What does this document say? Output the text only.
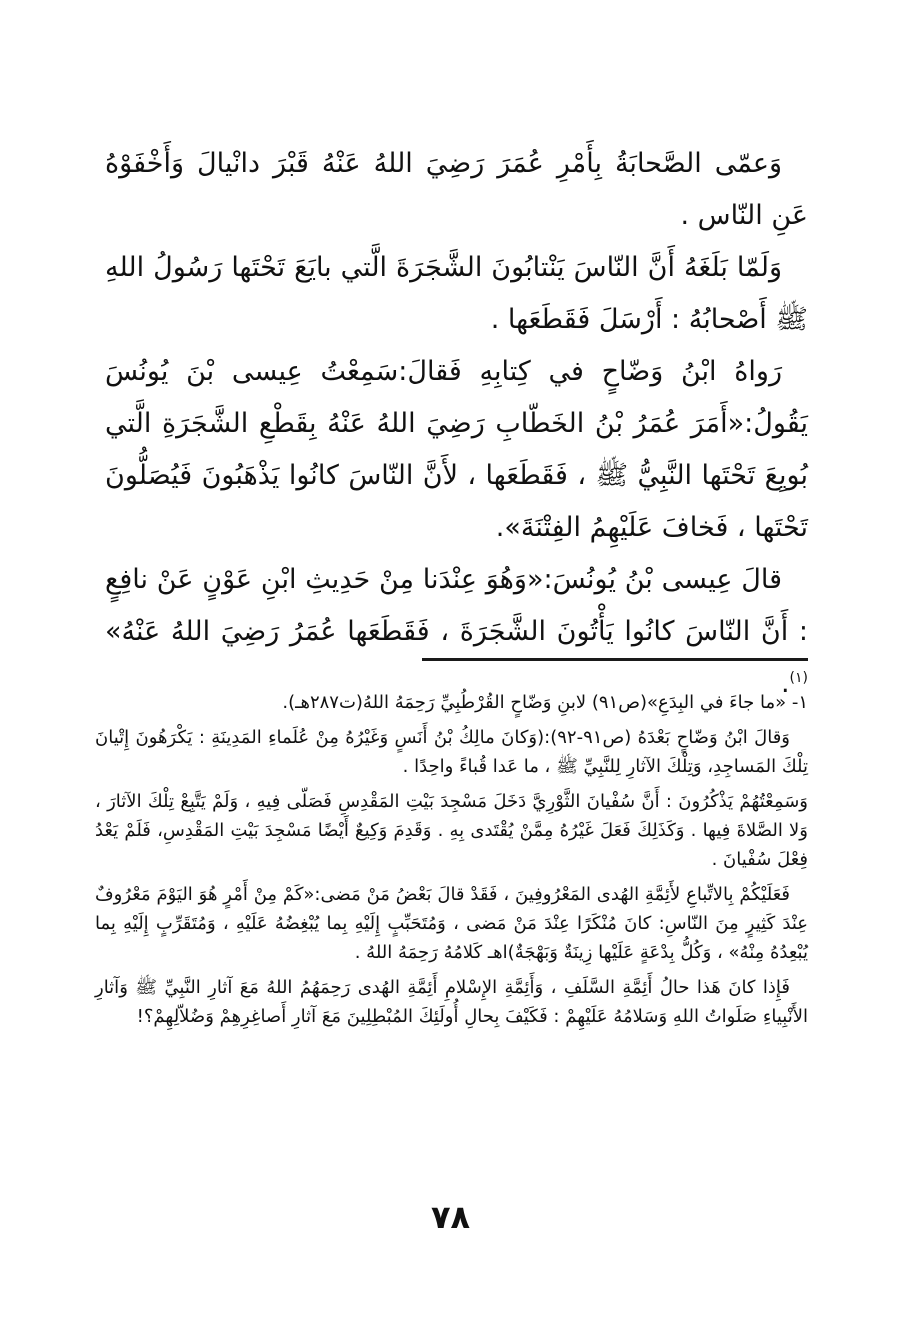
وَعمّى الصَّحابَةُ بِأَمْرِ عُمَرَ رَضِيَ اللهُ عَنْهُ قَبْرَ دانْيالَ وَأَخْفَوْهُ عَنِ النّاس .

وَلَمّا بَلَغَهُ أَنَّ النّاسَ يَنْتابُونَ الشَّجَرَةَ الَّتي بايَعَ تَحْتَها رَسُولُ اللهِ ﷺ أَصْحابُهُ : أَرْسَلَ فَقَطَعَها .

رَواهُ ابْنُ وَضّاحٍ في كِتابِهِ فَقالَ:سَمِعْتُ عِيسى بْنَ يُونُسَ يَقُولُ:«أَمَرَ عُمَرُ بْنُ الخَطّابِ رَضِيَ اللهُ عَنْهُ بِقَطْعِ الشَّجَرَةِ الَّتي بُويِعَ تَحْتَها النَّبِيُّ ﷺ ، فَقَطَعَها ، لأَنَّ النّاسَ كانُوا يَذْهَبُونَ فَيُصَلُّونَ تَحْتَها ، فَخافَ عَلَيْهِمُ الفِتْنَةَ».

قالَ عِيسى بْنُ يُونُسَ:«وَهُوَ عِنْدَنا مِنْ حَدِيثِ ابْنِ عَوْنٍ عَنْ نافِعٍ : أَنَّ النّاسَ كانُوا يَأْتُونَ الشَّجَرَةَ ، فَقَطَعَها عُمَرُ رَضِيَ اللهُ عَنْهُ» $^{(١)}$.

١- «ما جاءَ في البِدَعِ»(ص٩١) لابنِ وَضّاحٍ القُرْطُبِيِّ رَحِمَهُ اللهُ(ت٢٨٧هـ).

وَقالَ ابْنُ وَضّاحٍ بَعْدَهُ (ص٩١-٩٢):(وَكانَ مالِكُ بْنُ أَنَسٍ وَغَيْرُهُ مِنْ عُلَماءِ المَدِينَةِ : يَكْرَهُونَ إِتْيانَ تِلْكَ المَساجِدِ، وَتِلْكَ الآثارِ لِلنَّبِيِّ ﷺ ، ما عَدا قُباءً واحِدًا .

وَسَمِعْتُهُمْ يَذْكُرُونَ : أَنَّ سُفْيانَ الثَّوْرِيَّ دَخَلَ مَسْجِدَ بَيْتِ المَقْدِسِ فَصَلّى فِيهِ ، وَلَمْ يَتَّبِعْ تِلْكَ الآثارَ ، وَلا الصَّلاةَ فِيها . وَكَذَلِكَ فَعَلَ غَيْرُهُ مِمَّنْ يُقْتَدى بِهِ . وَقَدِمَ وَكِيعٌ أَيْضًا مَسْجِدَ بَيْتِ المَقْدِسِ، فَلَمْ يَعْدُ فِعْلَ سُفْيانَ .

فَعَلَيْكُمْ بِالاتِّباعِ لأَئِمَّةِ الهُدى المَعْرُوفِينَ ، فَقَدْ قالَ بَعْضُ مَنْ مَضى:«كَمْ مِنْ أَمْرٍ هُوَ اليَوْمَ مَعْرُوفٌ عِنْدَ كَثِيرٍ مِنَ النّاسِ: كانَ مُنْكَرًا عِنْدَ مَنْ مَضى ، وَمُتَحَبِّبٍ إِلَيْهِ بِما يُبْغِضُهُ عَلَيْهِ ، وَمُتَقَرِّبٍ إِلَيْهِ بِما يُبْعِدُهُ مِنْهُ» ، وَكُلُّ بِدْعَةٍ عَلَيْها زِينَةٌ وَبَهْجَةٌ)اهـ كَلامُهُ رَحِمَهُ اللهُ .

فَإِذا كانَ هَذا حالُ أَئِمَّةِ السَّلَفِ ، وَأَئِمَّةِ الإِسْلامِ أَئِمَّةِ الهُدى رَحِمَهُمُ اللهُ مَعَ آثارِ النَّبِيِّ ﷺ وَآثارِ الأَنْبِياءِ صَلَواتُ اللهِ وَسَلامُهُ عَلَيْهِمْ : فَكَيْفَ بِحالِ أُولَئِكَ المُبْطِلِينَ مَعَ آثارِ أَصاغِرِهِمْ وَضُلاّلِهِمْ؟!

٧٨
